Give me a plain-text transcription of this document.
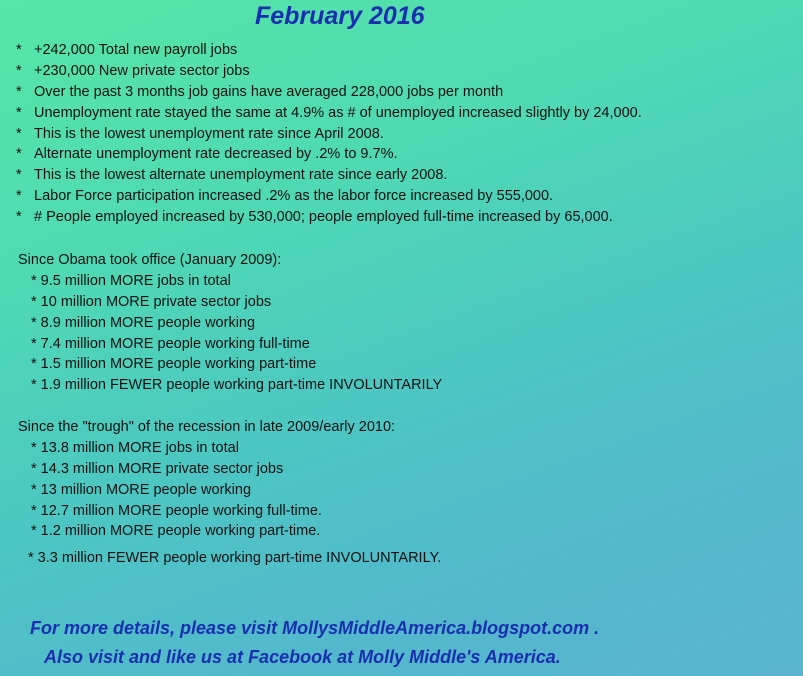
February 2016
* +242,000 Total new payroll jobs
* +230,000 New private sector jobs
* Over the past 3 months job gains have averaged 228,000 jobs per month
* Unemployment rate stayed the same at 4.9% as # of unemployed increased slightly by 24,000.
* This is the lowest unemployment rate since April 2008.
* Alternate unemployment rate decreased by .2% to 9.7%.
* This is the lowest alternate unemployment rate since early 2008.
* Labor Force participation increased .2% as the labor force increased by 555,000.
* # People employed increased by 530,000; people employed full-time increased by 65,000.
Since Obama took office (January 2009):
* 9.5 million MORE jobs in total
* 10 million MORE private sector jobs
* 8.9 million MORE people working
* 7.4 million MORE people working full-time
* 1.5 million MORE people working part-time
* 1.9 million FEWER people working part-time INVOLUNTARILY
Since the "trough" of the recession in late 2009/early 2010:
* 13.8 million MORE jobs in total
* 14.3 million MORE private sector jobs
* 13 million MORE people working
* 12.7 million MORE people working full-time.
* 1.2 million MORE people working part-time.
* 3.3 million FEWER people working part-time INVOLUNTARILY.
For more details, please visit MollysMiddleAmerica.blogspot.com .
Also visit and like us at Facebook at Molly Middle's America.
